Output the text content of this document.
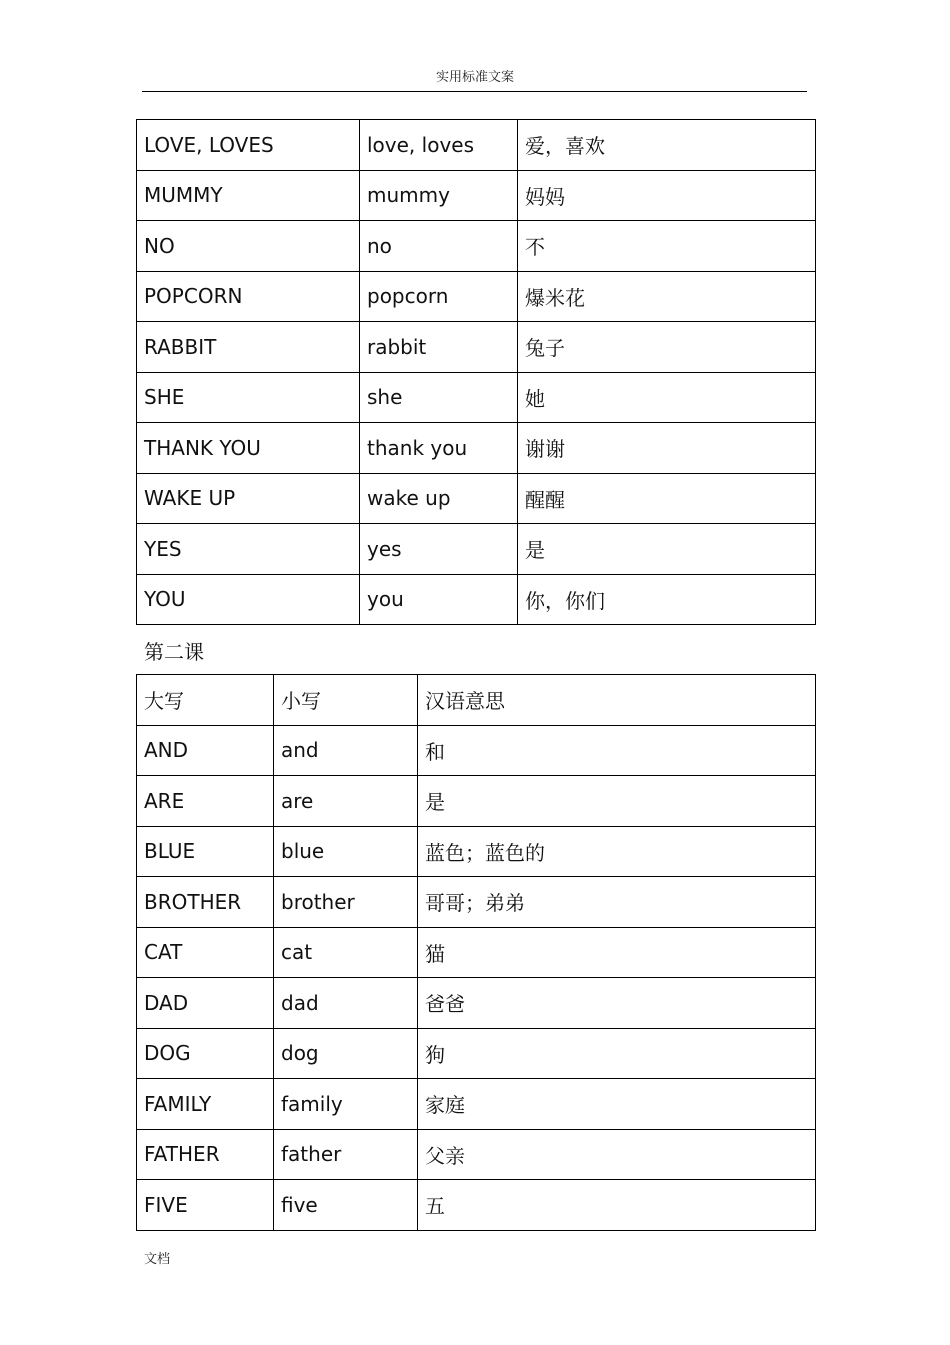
实用标准文案
LOVE, LOVES	love, loves	爱，喜欢
MUMMY	mummy	妈妈
NO	no	不
POPCORN	popcorn	爆米花
RABBIT	rabbit	兔子
SHE	she	她
THANK YOU	thank you	谢谢
WAKE UP	wake up	醒醒
YES	yes	是
YOU	you	你，你们
第二课
大写	小写	汉语意思
AND	and	和
ARE	are	是
BLUE	blue	蓝色；蓝色的
BROTHER	brother	哥哥；弟弟
CAT	cat	猫
DAD	dad	爸爸
DOG	dog	狗
FAMILY	family	家庭
FATHER	father	父亲
FIVE	five	五
文档
